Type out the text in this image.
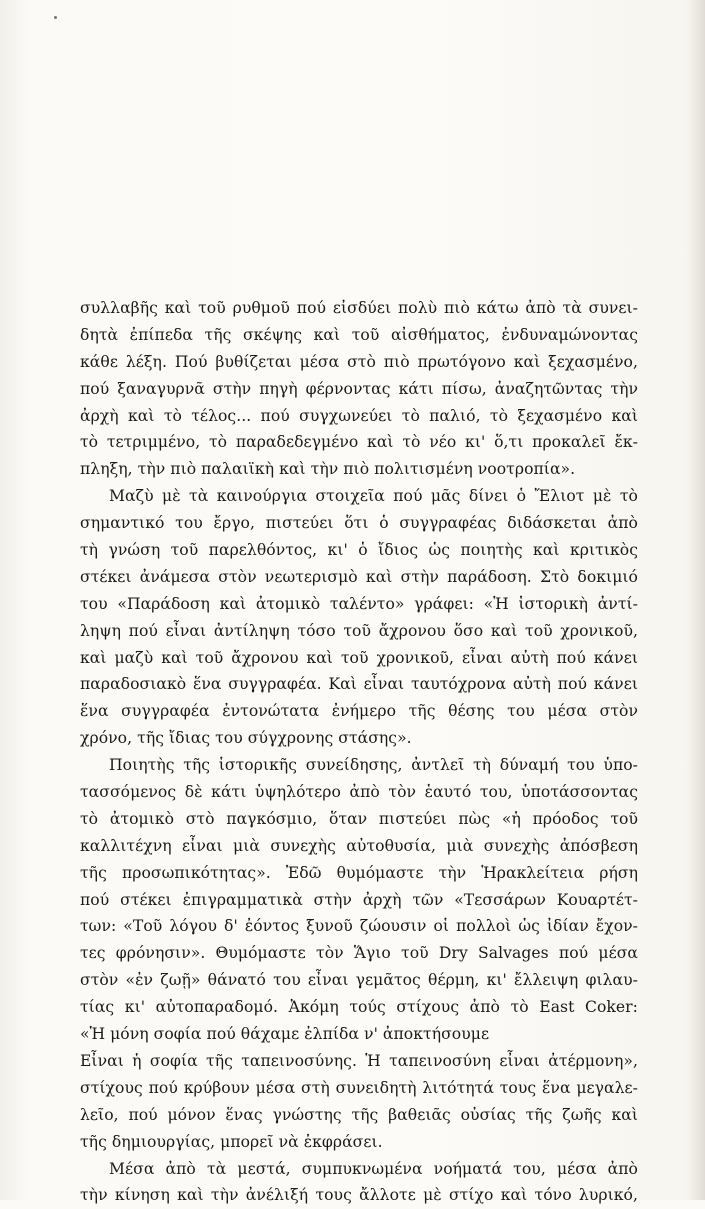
συλλαβῆς καὶ τοῦ ρυθμοῦ πού εἰσδύει πολὺ πιὸ κάτω ἀπὸ τὰ συνει-
δητὰ ἐπίπεδα τῆς σκέψης καὶ τοῦ αἰσθήματος, ἐνδυναμώνοντας
κάθε λέξη. Πού βυθίζεται μέσα στὸ πιὸ πρωτόγονο καὶ ξεχασμένο,
πού ξαναγυρνᾶ στὴν πηγὴ φέρνοντας κάτι πίσω, ἀναζητῶντας τὴν
ἀρχὴ καὶ τὸ τέλος... πού συγχωνεύει τὸ παλιό, τὸ ξεχασμένο καὶ
τὸ τετριμμένο, τὸ παραδεδεγμένο καὶ τὸ νέο κι' ὅ,τι προκαλεῖ ἔκ-
πληξη, τὴν πιὸ παλαιϊκὴ καὶ τὴν πιὸ πολιτισμένη νοοτροπία».
Μαζὺ μὲ τὰ καινούργια στοιχεῖα πού μᾶς δίνει ὁ Ἔλιοτ μὲ τὸ
σημαντικό του ἔργο, πιστεύει ὅτι ὁ συγγραφέας διδάσκεται ἀπὸ
τὴ γνώση τοῦ παρελθόντος, κι' ὁ ἴδιος ὡς ποιητὴς καὶ κριτικὸς
στέκει ἀνάμεσα στὸν νεωτερισμὸ καὶ στὴν παράδοση. Στὸ δοκιμιό
του «Παράδοση καὶ ἀτομικὸ ταλέντο» γράφει: «Ἡ ἱστορικὴ ἀντί-
ληψη πού εἶναι ἀντίληψη τόσο τοῦ ἄχρονου ὅσο καὶ τοῦ χρονικοῦ,
καὶ μαζὺ καὶ τοῦ ἄχρονου καὶ τοῦ χρονικοῦ, εἶναι αὐτὴ πού κάνει
παραδοσιακὸ ἕνα συγγραφέα. Καὶ εἶναι ταυτόχρονα αὐτὴ πού κάνει
ἕνα συγγραφέα ἐντονώτατα ἐνήμερο τῆς θέσης του μέσα στὸν
χρόνο, τῆς ἴδιας του σύγχρονης στάσης».
Ποιητὴς τῆς ἱστορικῆς συνείδησης, ἀντλεῖ τὴ δύναμή του ὑπο-
τασσόμενος δὲ κάτι ὑψηλότερο ἀπὸ τὸν ἑαυτό του, ὑποτάσσοντας
τὸ ἀτομικὸ στὸ παγκόσμιο, ὅταν πιστεύει πὼς «ἡ πρόοδος τοῦ
καλλιτέχνη εἶναι μιὰ συνεχὴς αὐτοθυσία, μιὰ συνεχὴς ἀπόσβεση
τῆς προσωπικότητας». Ἐδῶ θυμόμαστε τὴν Ἡρακλείτεια ρήση
πού στέκει ἐπιγραμματικὰ στὴν ἀρχὴ τῶν «Τεσσάρων Κουαρτέτ-
των: «Τοῦ λόγου δ' ἐόντος ξυνοῦ ζώουσιν οἱ πολλοὶ ὡς ἰδίαν ἔχον-
τες φρόνησιν». Θυμόμαστε τὸν Ἅγιο τοῦ Dry Salvages πού μέσα
στὸν «ἐν ζωῇ» θάνατό του εἶναι γεμᾶτος θέρμη, κι' ἔλλειψη φιλαυ-
τίας κι' αὐτοπαραδομό. Ἀκόμη τούς στίχους ἀπὸ τὸ East Coker:
«Ἡ μόνη σοφία πού θάχαμε ἐλπίδα ν' ἀποκτήσουμε
Εἶναι ἡ σοφία τῆς ταπεινοσύνης. Ἡ ταπεινοσύνη εἶναι ἀτέρμονη»,
στίχους πού κρύβουν μέσα στὴ συνειδητὴ λιτότητά τους ἕνα μεγαλε-
λεῖο, πού μόνον ἕνας γνώστης τῆς βαθειᾶς οὐσίας τῆς ζωῆς καὶ
τῆς δημιουργίας, μπορεῖ νὰ ἐκφράσει.
Μέσα ἀπὸ τὰ μεστά, συμπυκνωμένα νοήματά του, μέσα ἀπὸ
τὴν κίνηση καὶ τὴν ἀνέλιξή τους ἄλλοτε μὲ στίχο καὶ τόνο λυρικό,
